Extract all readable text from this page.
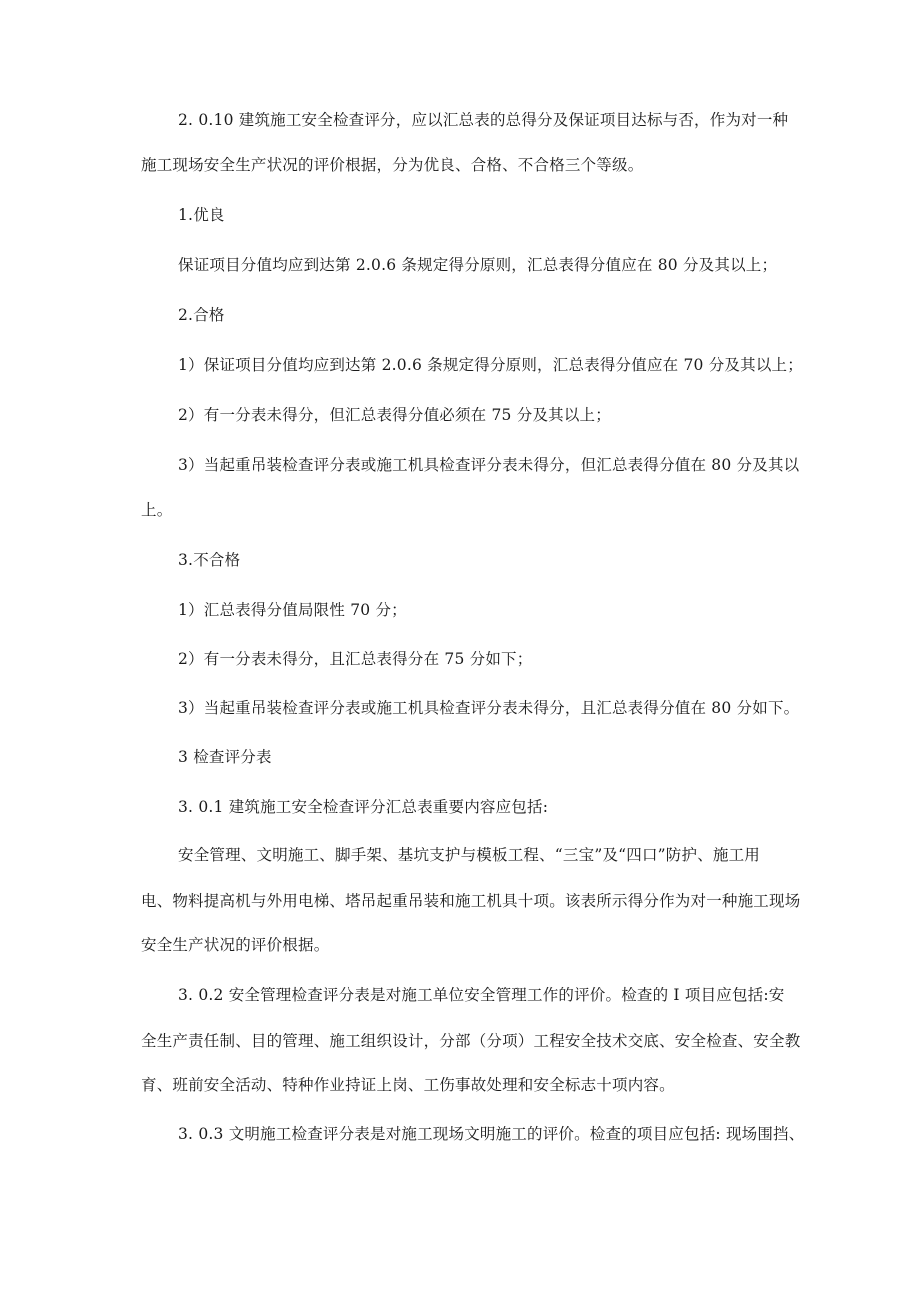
2. 0.10 建筑施工安全检查评分，应以汇总表的总得分及保证项目达标与否，作为对一种
施工现场安全生产状况的评价根据，分为优良、合格、不合格三个等级。
1.优良
保证项目分值均应到达第 2.0.6 条规定得分原则，汇总表得分值应在 80 分及其以上；
2.合格
1）保证项目分值均应到达第 2.0.6 条规定得分原则，汇总表得分值应在 70 分及其以上；
2）有一分表未得分，但汇总表得分值必须在 75 分及其以上；
3）当起重吊装检查评分表或施工机具检查评分表未得分，但汇总表得分值在 80 分及其以
上。
3.不合格
1）汇总表得分值局限性 70 分；
2）有一分表未得分，且汇总表得分在 75 分如下；
3）当起重吊装检查评分表或施工机具检查评分表未得分，且汇总表得分值在 80 分如下。
3 检查评分表
3. 0.1 建筑施工安全检查评分汇总表重要内容应包括:
安全管理、文明施工、脚手架、基坑支护与模板工程、“三宝”及“四口”防护、施工用
电、物料提高机与外用电梯、塔吊起重吊装和施工机具十项。该表所示得分作为对一种施工现场
安全生产状况的评价根据。
3. 0.2 安全管理检查评分表是对施工单位安全管理工作的评价。检查的 I 项目应包括:安
全生产责任制、目的管理、施工组织设计，分部（分项）工程安全技术交底、安全检查、安全教
育、班前安全活动、特种作业持证上岗、工伤事故处理和安全标志十项内容。
3. 0.3 文明施工检查评分表是对施工现场文明施工的评价。检查的项目应包括: 现场围挡、
